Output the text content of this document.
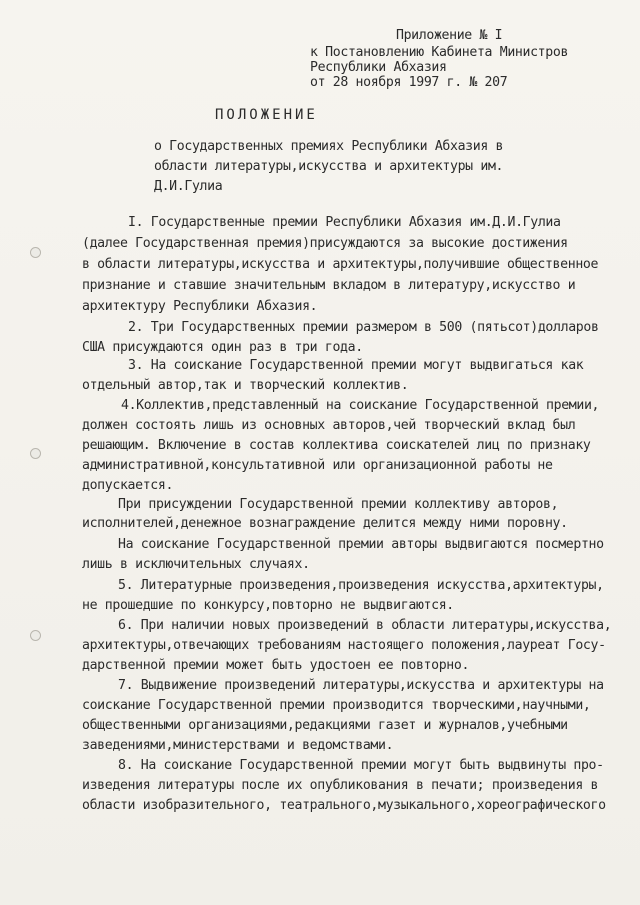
Приложение № I
к Постановлению Кабинета Министров
Республики Абхазия
от 28 ноября 1997 г. № 207
ПОЛОЖЕНИЕ
о Государственных премиях Республики Абхазия в
области литературы,искусства и архитектуры им.
Д.И.Гулиа
I. Государственные премии Республики Абхазия им.Д.И.Гулиа
(далее Государственная премия)присуждаются за высокие достижения
в области литературы,искусства и архитектуры,получившие общественное
признание и ставшие значительным вкладом в литературу,искусство и
архитектуру Республики Абхазия.
2. Три Государственных премии размером в 500 (пятьсот)долларов
США присуждаются один раз в три года.
3. На соискание Государственной премии могут выдвигаться как
отдельный автор,так и творческий коллектив.
4.Коллектив,представленный на соискание Государственной премии,
должен состоять лишь из основных авторов,чей творческий вклад был
решающим. Включение в состав коллектива соискателей лиц по признаку
административной,консультативной или организационной работы не
допускается.
При присуждении Государственной премии коллективу авторов,
исполнителей,денежное вознаграждение делится между ними поровну.
На соискание Государственной премии авторы выдвигаются посмертно
лишь в исключительных случаях.
5. Литературные произведения,произведения искусства,архитектуры,
не прошедшие по конкурсу,повторно не выдвигаются.
6. При наличии новых произведений в области литературы,искусства,
архитектуры,отвечающих требованиям настоящего положения,лауреат Госу-
дарственной премии может быть удостоен ее повторно.
7. Выдвижение произведений литературы,искусства и архитектуры на
соискание Государственной премии производится творческими,научными,
общественными организациями,редакциями газет и журналов,учебными
заведениями,министерствами и ведомствами.
8. На соискание Государственной премии могут быть выдвинуты про-
изведения литературы после их опубликования в печати; произведения в
области изобразительного, театрального,музыкального,хореографического
